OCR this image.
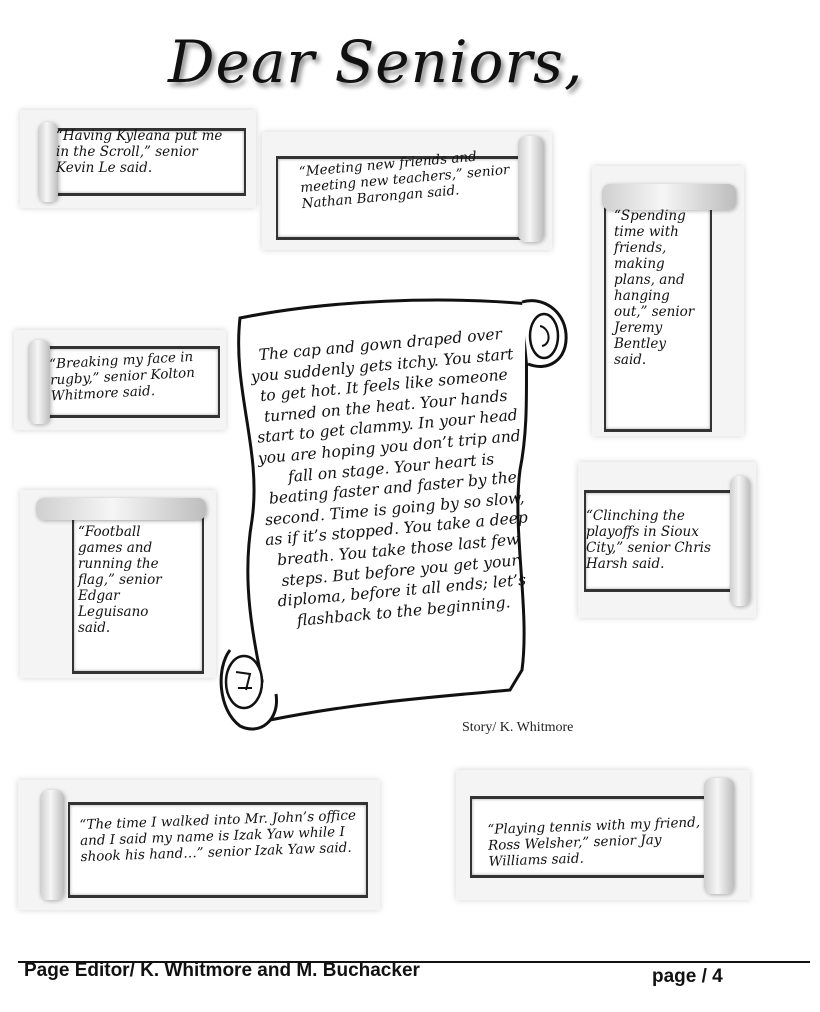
Dear Seniors,

“Having Kyleana put me in the Scroll,” senior Kevin Le said.	“Meeting new friends and meeting new teachers,” senior Nathan Barongan said.

“Spending time with friends, making plans, and hanging out,” senior Jeremy Bentley said.

“Breaking my face in rugby,” senior Kolton Whitmore said.

“Clinching the playoffs in Sioux City,” senior Chris Harsh said.

“Football games and running the flag,” senior Edgar Leguisano said.

“The time I walked into Mr. John’s office and I said my name is Izak Yaw while I shook his hand…” senior Izak Yaw said.

“Playing tennis with my friend, Ross Welsher,” senior Jay Williams said.

The cap and gown draped over you suddenly gets itchy. You start to get hot. It feels like someone turned on the heat. Your hands start to get clammy. In your head you are hoping you don’t trip and fall on stage. Your heart is beating faster and faster by the second. Time is going by so slow, as if it’s stopped. You take a deep breath. You take those last few steps. But before you get your diploma, before it all ends; let’s flashback to the beginning.

Story/ K. Whitmore

Page Editor/ K. Whitmore and M. Buchacker	page / 4
